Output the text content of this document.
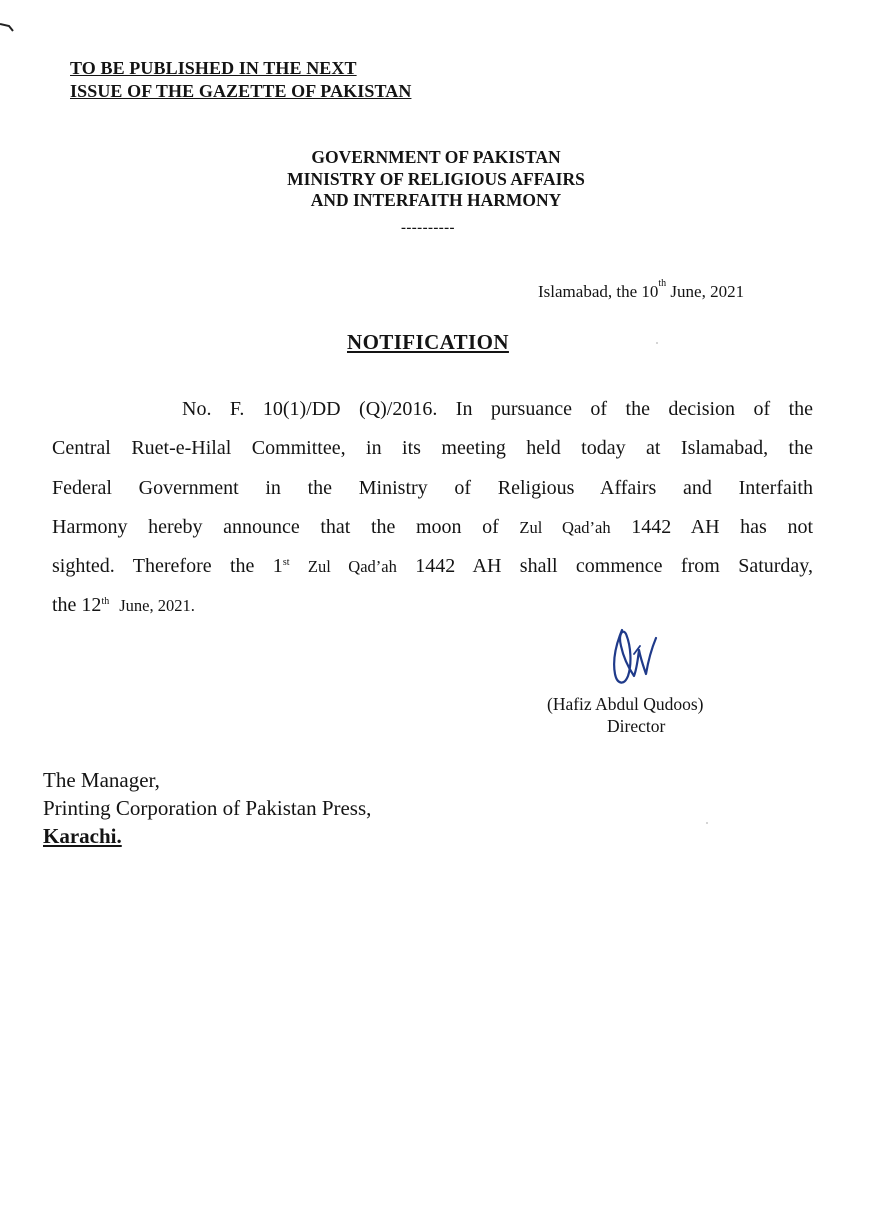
TO BE PUBLISHED IN THE NEXT
ISSUE OF THE GAZETTE OF PAKISTAN
GOVERNMENT OF PAKISTAN
MINISTRY OF RELIGIOUS AFFAIRS
AND INTERFAITH HARMONY
----------
Islamabad, the 10th June, 2021
NOTIFICATION
No. F. 10(1)/DD (Q)/2016. In pursuance of the decision of the
Central Ruet-e-Hilal Committee, in its meeting held today at Islamabad, the
Federal Government in the Ministry of Religious Affairs and Interfaith
Harmony hereby announce that the moon of Zul Qad’ah 1442 AH has not
sighted. Therefore the 1st Zul Qad’ah 1442 AH shall commence from Saturday,
the 12th June, 2021.
(Hafiz Abdul Qudoos)
Director
The Manager,
Printing Corporation of Pakistan Press,
Karachi.
